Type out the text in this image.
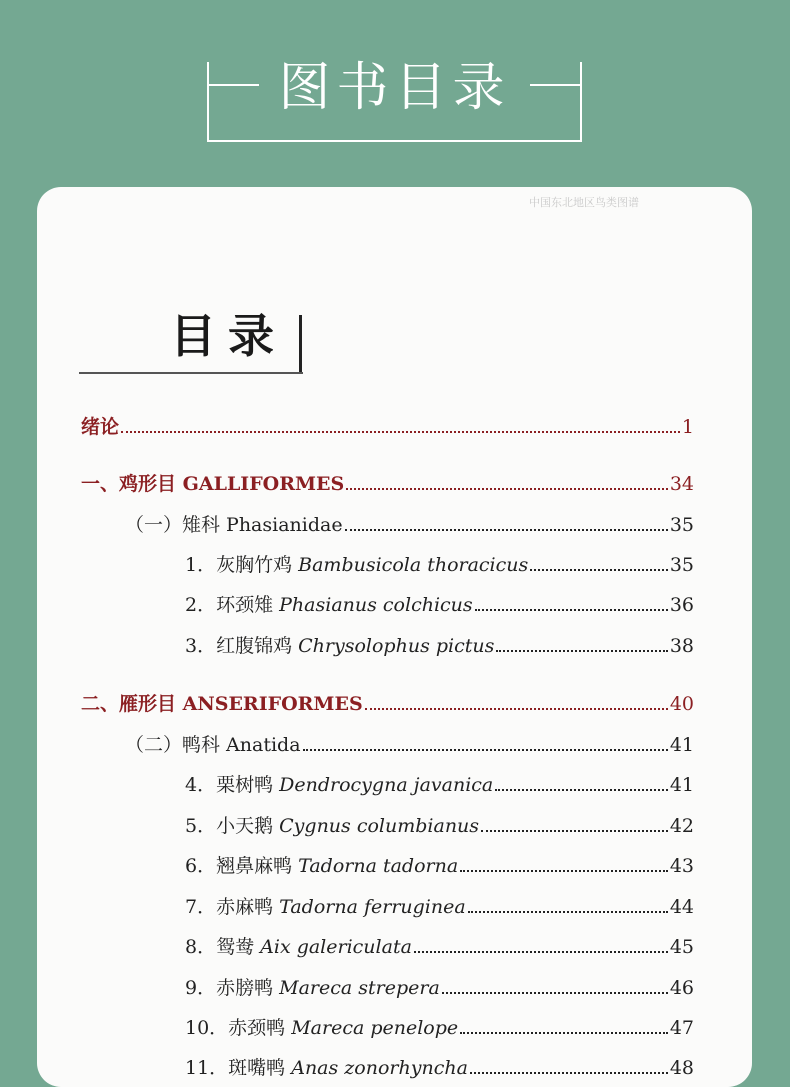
图书目录
中国东北地区鸟类图谱
目录
绪论	1
一、鸡形目 GALLIFORMES	34
（一）雉科 Phasianidae	35
1．灰胸竹鸡 Bambusicola thoracicus	35
2．环颈雉 Phasianus colchicus	36
3．红腹锦鸡 Chrysolophus pictus	38
二、雁形目 ANSERIFORMES	40
（二）鸭科 Anatida	41
4．栗树鸭 Dendrocygna javanica	41
5．小天鹅 Cygnus columbianus	42
6．翘鼻麻鸭 Tadorna tadorna	43
7．赤麻鸭 Tadorna ferruginea	44
8．鸳鸯 Aix galericulata	45
9．赤膀鸭 Mareca strepera	46
10．赤颈鸭 Mareca penelope	47
11．斑嘴鸭 Anas zonorhyncha	48
